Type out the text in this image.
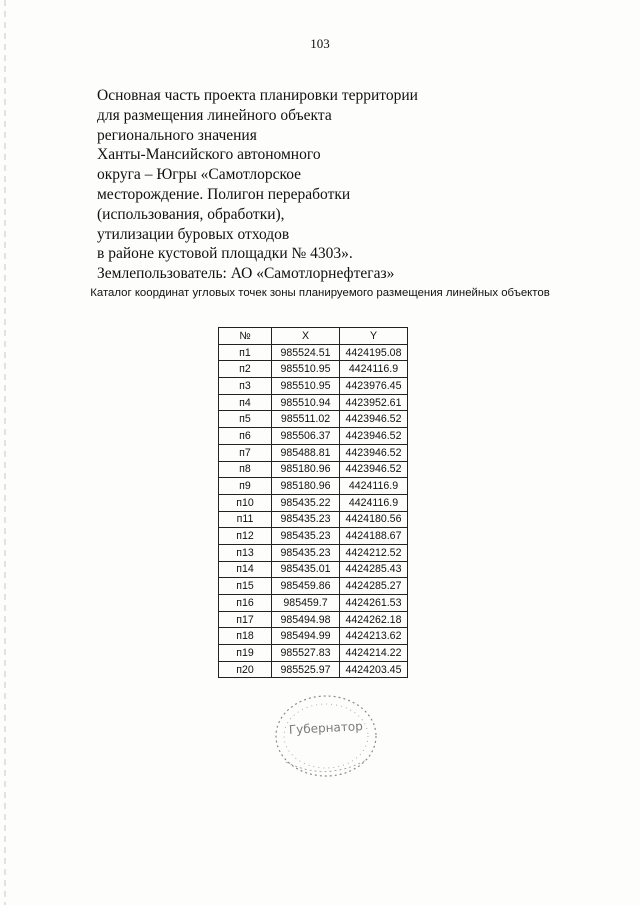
103
Основная часть проекта планировки территории
для размещения линейного объекта
регионального значения
Ханты-Мансийского автономного
округа – Югры «Самотлорское
месторождение. Полигон переработки
(использования, обработки),
утилизации буровых отходов
в районе кустовой площадки № 4303».
Землепользователь: АО «Самотлорнефтегаз»
Каталог координат угловых точек зоны планируемого размещения линейных объектов
№	X	Y
п1	985524.51	4424195.08
п2	985510.95	4424116.9
п3	985510.95	4423976.45
п4	985510.94	4423952.61
п5	985511.02	4423946.52
п6	985506.37	4423946.52
п7	985488.81	4423946.52
п8	985180.96	4423946.52
п9	985180.96	4424116.9
п10	985435.22	4424116.9
п11	985435.23	4424180.56
п12	985435.23	4424188.67
п13	985435.23	4424212.52
п14	985435.01	4424285.43
п15	985459.86	4424285.27
п16	985459.7	4424261.53
п17	985494.98	4424262.18
п18	985494.99	4424213.62
п19	985527.83	4424214.22
п20	985525.97	4424203.45
Губернатор
